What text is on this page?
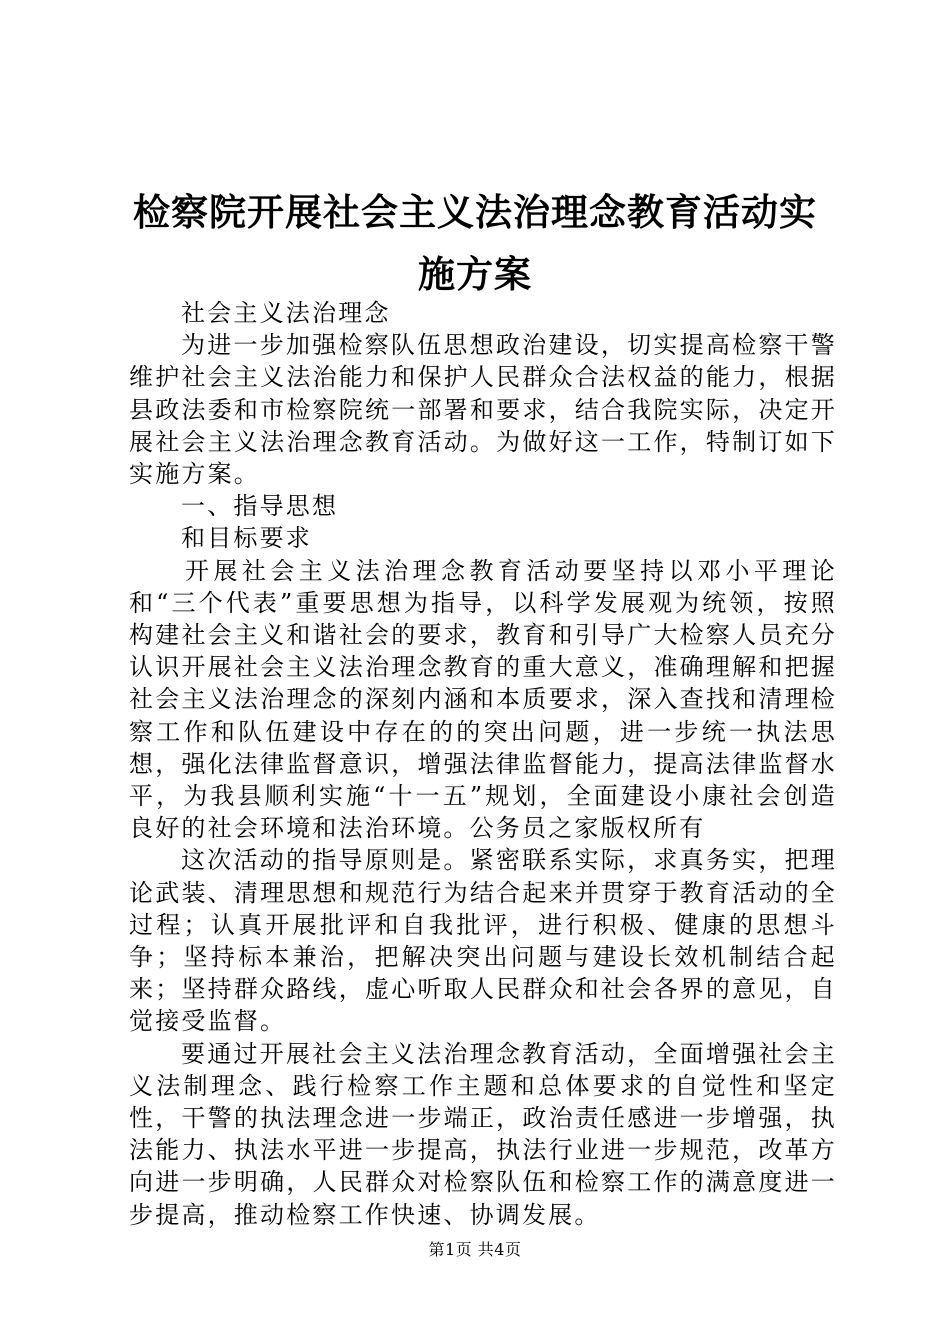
检察院开展社会主义法治理念教育活动实施方案

社会主义法治理念

为进一步加强检察队伍思想政治建设，切实提高检察干警维护社会主义法治能力和保护人民群众合法权益的能力，根据县政法委和市检察院统一部署和要求，结合我院实际，决定开展社会主义法治理念教育活动。为做好这一工作，特制订如下实施方案。

一、指导思想

和目标要求

开展社会主义法治理念教育活动要坚持以邓小平理论和“三个代表”重要思想为指导，以科学发展观为统领，按照构建社会主义和谐社会的要求，教育和引导广大检察人员充分认识开展社会主义法治理念教育的重大意义，准确理解和把握社会主义法治理念的深刻内涵和本质要求，深入查找和清理检察工作和队伍建设中存在的的突出问题，进一步统一执法思想，强化法律监督意识，增强法律监督能力，提高法律监督水平，为我县顺利实施“十一五”规划，全面建设小康社会创造良好的社会环境和法治环境。公务员之家版权所有

这次活动的指导原则是。紧密联系实际，求真务实，把理论武装、清理思想和规范行为结合起来并贯穿于教育活动的全过程；认真开展批评和自我批评，进行积极、健康的思想斗争；坚持标本兼治，把解决突出问题与建设长效机制结合起来；坚持群众路线，虚心听取人民群众和社会各界的意见，自觉接受监督。

要通过开展社会主义法治理念教育活动，全面增强社会主义法制理念、践行检察工作主题和总体要求的自觉性和坚定性，干警的执法理念进一步端正，政治责任感进一步增强，执法能力、执法水平进一步提高，执法行业进一步规范，改革方向进一步明确，人民群众对检察队伍和检察工作的满意度进一步提高，推动检察工作快速、协调发展。

第1页 共4页
